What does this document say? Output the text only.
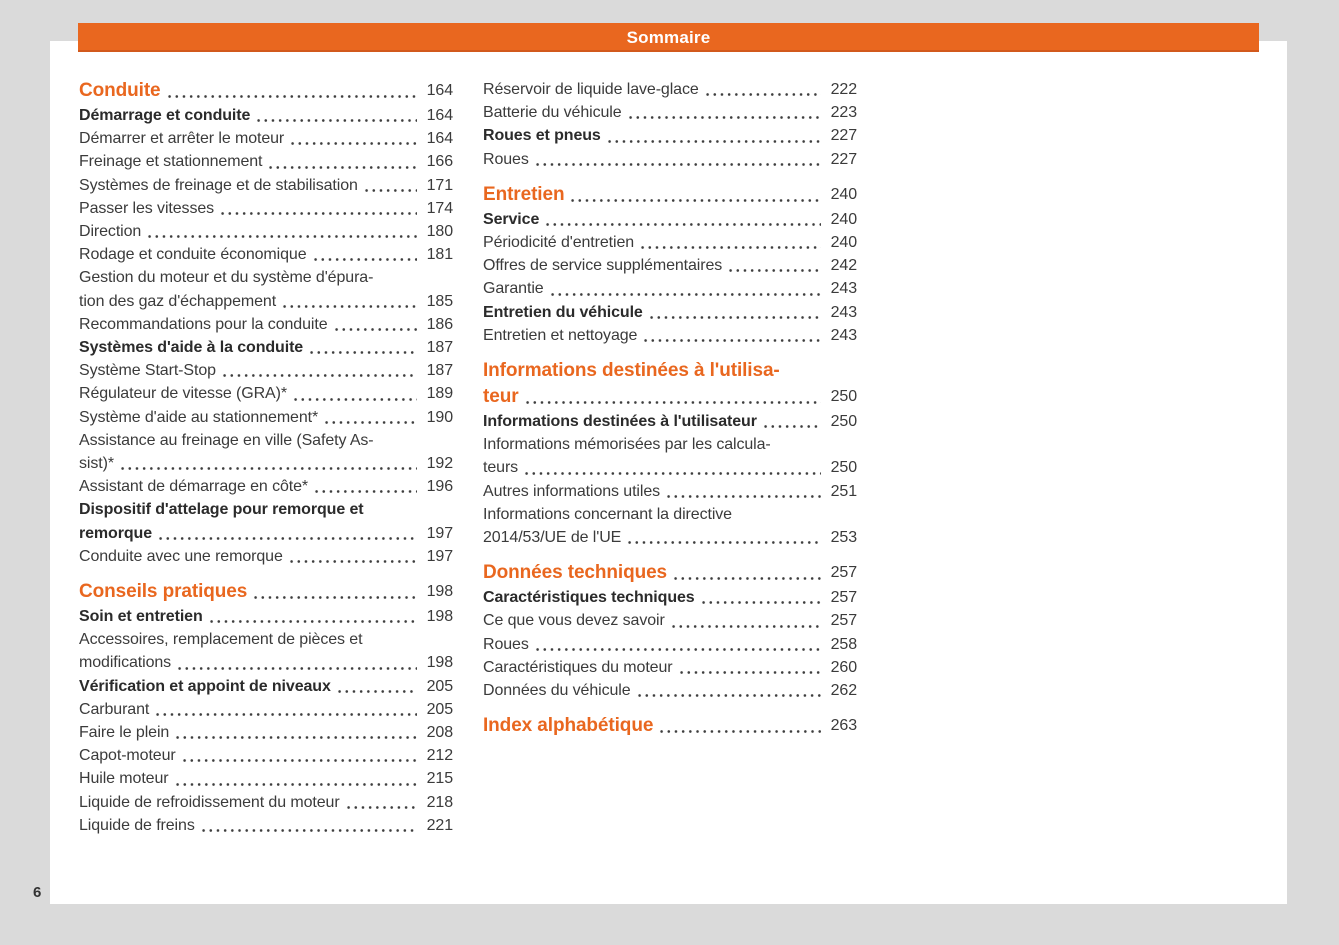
Sommaire
Conduite	164
Démarrage et conduite	164
Démarrer et arrêter le moteur	164
Freinage et stationnement	166
Systèmes de freinage et de stabilisation	171
Passer les vitesses	174
Direction	180
Rodage et conduite économique	181
Gestion du moteur et du système d'épura-
tion des gaz d'échappement	185
Recommandations pour la conduite	186
Systèmes d'aide à la conduite	187
Système Start-Stop	187
Régulateur de vitesse (GRA)*	189
Système d'aide au stationnement*	190
Assistance au freinage en ville (Safety As-
sist)*	192
Assistant de démarrage en côte*	196
Dispositif d'attelage pour remorque et
remorque	197
Conduite avec une remorque	197
Conseils pratiques	198
Soin et entretien	198
Accessoires, remplacement de pièces et
modifications	198
Vérification et appoint de niveaux	205
Carburant	205
Faire le plein	208
Capot-moteur	212
Huile moteur	215
Liquide de refroidissement du moteur	218
Liquide de freins	221
Réservoir de liquide lave-glace	222
Batterie du véhicule	223
Roues et pneus	227
Roues	227
Entretien	240
Service	240
Périodicité d'entretien	240
Offres de service supplémentaires	242
Garantie	243
Entretien du véhicule	243
Entretien et nettoyage	243
Informations destinées à l'utilisa-
teur	250
Informations destinées à l'utilisateur	250
Informations mémorisées par les calcula-
teurs	250
Autres informations utiles	251
Informations concernant la directive
2014/53/UE de l'UE	253
Données techniques	257
Caractéristiques techniques	257
Ce que vous devez savoir	257
Roues	258
Caractéristiques du moteur	260
Données du véhicule	262
Index alphabétique	263
6
